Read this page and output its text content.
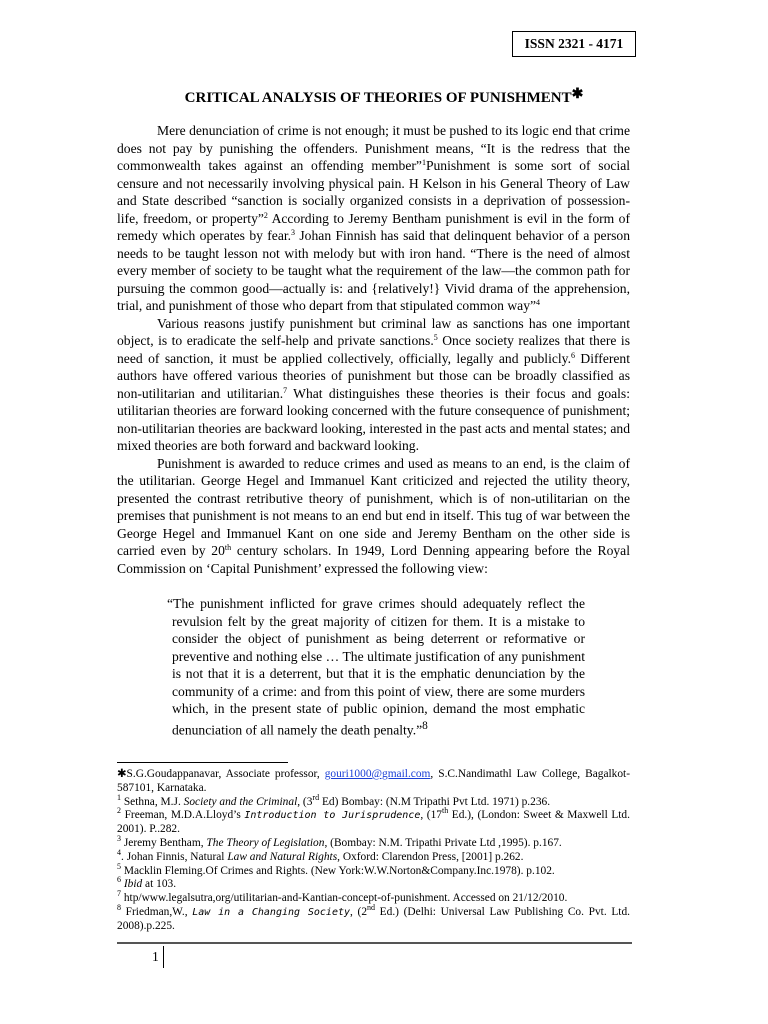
ISSN 2321 - 4171
CRITICAL ANALYSIS OF THEORIES OF PUNISHMENT✱

Mere denunciation of crime is not enough; it must be pushed to its logic end that crime does not pay by punishing the offenders. Punishment means, “It is the redress that the commonwealth takes against an offending member”$^1$Punishment is some sort of social censure and not necessarily involving physical pain. H Kelson in his General Theory of Law and State described “sanction is socially organized consists in a deprivation of possession- life, freedom, or property”$^2$ According to Jeremy Bentham punishment is evil in the form of remedy which operates by fear.$^3$ Johan Finnish has said that delinquent behavior of a person needs to be taught lesson not with melody but with iron hand. “There is the need of almost every member of society to be taught what the requirement of the law—the common path for pursuing the common good—actually is: and {relatively!} Vivid drama of the apprehension, trial, and punishment of those who depart from that stipulated common way”$^4$

Various reasons justify punishment but criminal law as sanctions has one important object, is to eradicate the self-help and private sanctions.$^5$ Once society realizes that there is need of sanction, it must be applied collectively, officially, legally and publicly.$^6$ Different authors have offered various theories of punishment but those can be broadly classified as non-utilitarian and utilitarian.$^7$ What distinguishes these theories is their focus and goals: utilitarian theories are forward looking concerned with the future consequence of punishment; non-utilitarian theories are backward looking, interested in the past acts and mental states; and mixed theories are both forward and backward looking.

Punishment is awarded to reduce crimes and used as means to an end, is the claim of the utilitarian. George Hegel and Immanuel Kant criticized and rejected the utility theory, presented the contrast retributive theory of punishment, which is of non-utilitarian on the premises that punishment is not means to an end but end in itself. This tug of war between the George Hegel and Immanuel Kant on one side and Jeremy Bentham on the other side is carried even by 20th century scholars. In 1949, Lord Denning appearing before the Royal Commission on ‘Capital Punishment’ expressed the following view:

“The punishment inflicted for grave crimes should adequately reflect the revulsion felt by the great majority of citizen for them. It is a mistake to consider the object of punishment as being deterrent or reformative or preventive and nothing else … The ultimate justification of any punishment is not that it is a deterrent, but that it is the emphatic denunciation by the community of a crime: and from this point of view, there are some murders which, in the present state of public opinion, demand the most emphatic denunciation of all namely the death penalty.”$^8$

✱S.G.Goudappanavar, Associate professor, gouri1000@gmail.com, S.C.Nandimathl Law College, Bagalkot-587101, Karnataka.

$^1$ Sethna, M.J. Society and the Criminal, (3rd Ed) Bombay: (N.M Tripathi Pvt Ltd. 1971) p.236.

$^2$ Freeman, M.D.A.Lloyd’s Introduction to Jurisprudence, (17th Ed.), (London: Sweet & Maxwell Ltd. 2001). P..282.

$^3$ Jeremy Bentham, The Theory of Legislation, (Bombay: N.M. Tripathi Private Ltd ,1995). p.167.

$^4$. Johan Finnis, Natural Law and Natural Rights, Oxford: Clarendon Press, [2001] p.262.

$^5$ Macklin Fleming.Of Crimes and Rights. (New York:W.W.Norton&Company.Inc.1978). p.102.

$^6$ Ibid at 103.

$^7$ htp/www.legalsutra,org/utilitarian-and-Kantian-concept-of-punishment. Accessed on 21/12/2010.

$^8$ Friedman,W., Law in a Changing Society, (2nd Ed.) (Delhi: Universal Law Publishing Co. Pvt. Ltd. 2008).p.225.

1
